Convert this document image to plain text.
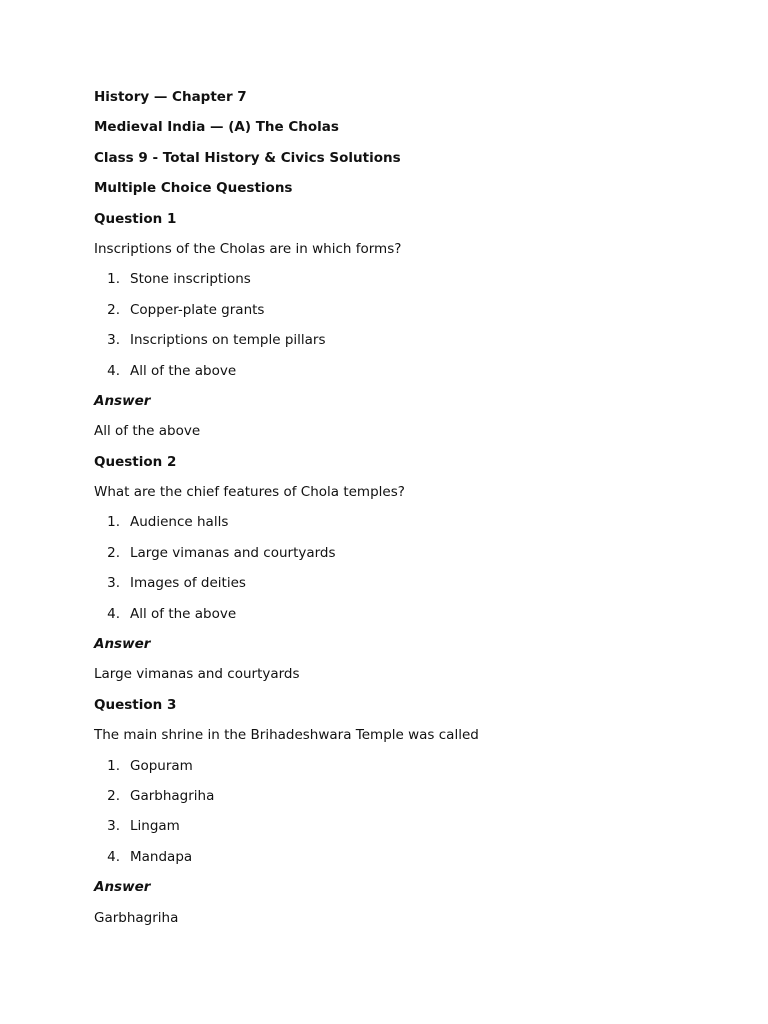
History — Chapter 7
Medieval India — (A) The Cholas
Class 9 - Total History & Civics Solutions
Multiple Choice Questions
Question 1
Inscriptions of the Cholas are in which forms?
1. Stone inscriptions
2. Copper-plate grants
3. Inscriptions on temple pillars
4. All of the above
Answer
All of the above
Question 2
What are the chief features of Chola temples?
1. Audience halls
2. Large vimanas and courtyards
3. Images of deities
4. All of the above
Answer
Large vimanas and courtyards
Question 3
The main shrine in the Brihadeshwara Temple was called
1. Gopuram
2. Garbhagriha
3. Lingam
4. Mandapa
Answer
Garbhagriha
